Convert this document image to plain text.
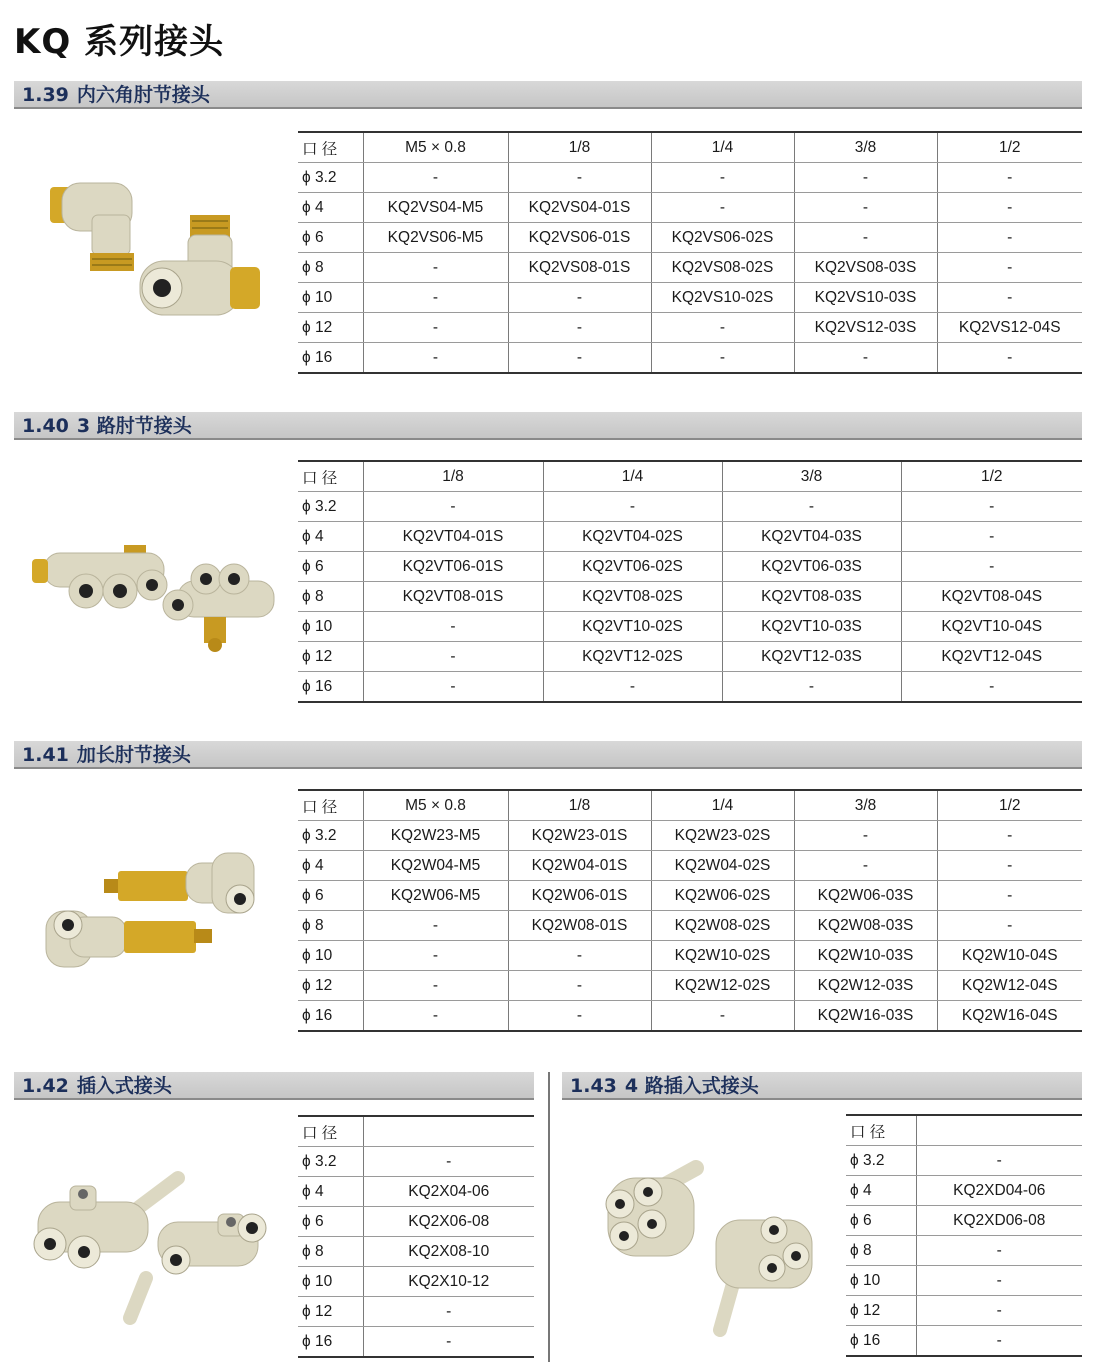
KQ 系列接头
1.39 内六角肘节接头
口 径	M5 × 0.8	1/8	1/4	3/8	1/2
ϕ 3.2	-	-	-	-	-
ϕ 4	KQ2VS04-M5	KQ2VS04-01S	-	-	-
ϕ 6	KQ2VS06-M5	KQ2VS06-01S	KQ2VS06-02S	-	-
ϕ 8	-	KQ2VS08-01S	KQ2VS08-02S	KQ2VS08-03S	-
ϕ 10	-	-	KQ2VS10-02S	KQ2VS10-03S	-
ϕ 12	-	-	-	KQ2VS12-03S	KQ2VS12-04S
ϕ 16	-	-	-	-	-
1.40 3 路肘节接头
口 径	1/8	1/4	3/8	1/2
ϕ 3.2	-	-	-	-
ϕ 4	KQ2VT04-01S	KQ2VT04-02S	KQ2VT04-03S	-
ϕ 6	KQ2VT06-01S	KQ2VT06-02S	KQ2VT06-03S	-
ϕ 8	KQ2VT08-01S	KQ2VT08-02S	KQ2VT08-03S	KQ2VT08-04S
ϕ 10	-	KQ2VT10-02S	KQ2VT10-03S	KQ2VT10-04S
ϕ 12	-	KQ2VT12-02S	KQ2VT12-03S	KQ2VT12-04S
ϕ 16	-	-	-	-
1.41 加长肘节接头
口 径	M5 × 0.8	1/8	1/4	3/8	1/2
ϕ 3.2	KQ2W23-M5	KQ2W23-01S	KQ2W23-02S	-	-
ϕ 4	KQ2W04-M5	KQ2W04-01S	KQ2W04-02S	-	-
ϕ 6	KQ2W06-M5	KQ2W06-01S	KQ2W06-02S	KQ2W06-03S	-
ϕ 8	-	KQ2W08-01S	KQ2W08-02S	KQ2W08-03S	-
ϕ 10	-	-	KQ2W10-02S	KQ2W10-03S	KQ2W10-04S
ϕ 12	-	-	KQ2W12-02S	KQ2W12-03S	KQ2W12-04S
ϕ 16	-	-	-	KQ2W16-03S	KQ2W16-04S
1.42 插入式接头
口 径	
ϕ 3.2	-
ϕ 4	KQ2X04-06
ϕ 6	KQ2X06-08
ϕ 8	KQ2X08-10
ϕ 10	KQ2X10-12
ϕ 12	-
ϕ 16	-
1.43 4 路插入式接头
口 径	
ϕ 3.2	-
ϕ 4	KQ2XD04-06
ϕ 6	KQ2XD06-08
ϕ 8	-
ϕ 10	-
ϕ 12	-
ϕ 16	-
